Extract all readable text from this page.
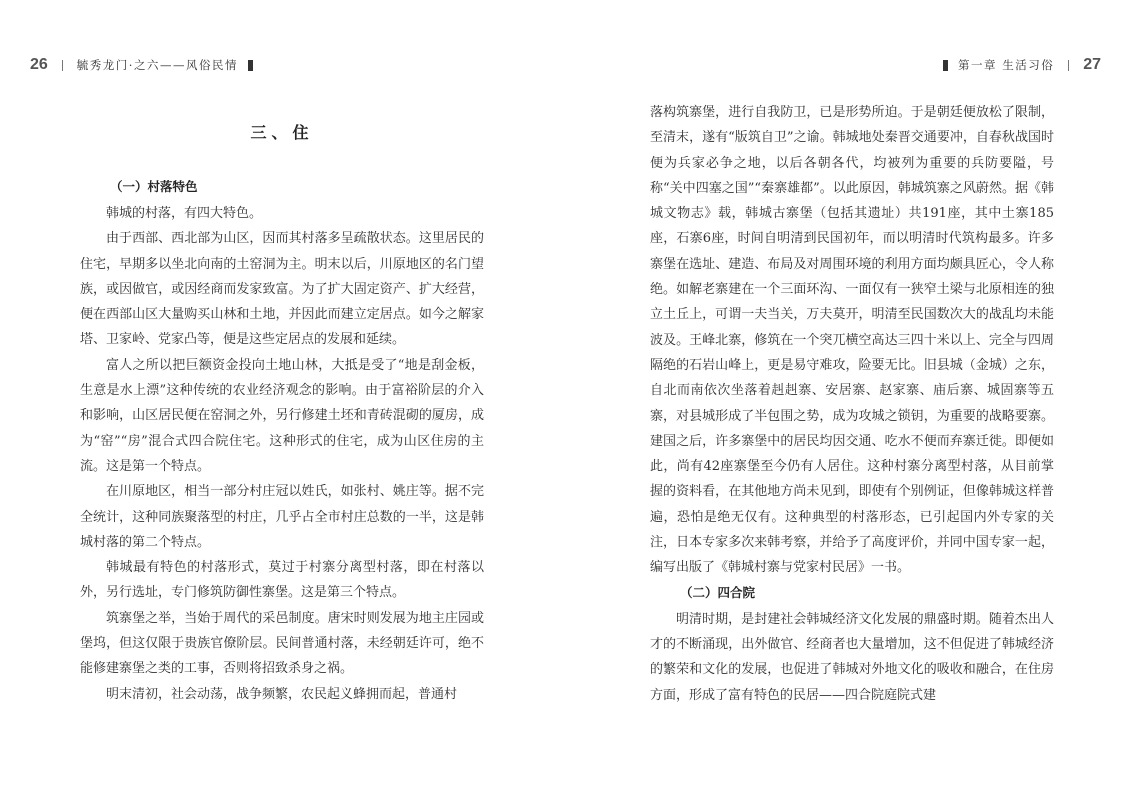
26	毓秀龙门·之六——风俗民情
三、住
（一）村落特色

韩城的村落，有四大特色。

由于西部、西北部为山区，因而其村落多呈疏散状态。这里居民的住宅，早期多以坐北向南的土窑洞为主。明末以后，川原地区的名门望族，或因做官，或因经商而发家致富。为了扩大固定资产、扩大经营，便在西部山区大量购买山林和土地，并因此而建立定居点。如今之解家塔、卫家岭、党家凸等，便是这些定居点的发展和延续。

富人之所以把巨额资金投向土地山林，大抵是受了“地是刮金板，生意是水上漂”这种传统的农业经济观念的影响。由于富裕阶层的介入和影响，山区居民便在窑洞之外，另行修建土坯和青砖混砌的厦房，成为“窑”“房”混合式四合院住宅。这种形式的住宅，成为山区住房的主流。这是第一个特点。

在川原地区，相当一部分村庄冠以姓氏，如张村、姚庄等。据不完全统计，这种同族聚落型的村庄，几乎占全市村庄总数的一半，这是韩城村落的第二个特点。

韩城最有特色的村落形式，莫过于村寨分离型村落，即在村落以外，另行选址，专门修筑防御性寨堡。这是第三个特点。

筑寨堡之举，当始于周代的采邑制度。唐宋时则发展为地主庄园或堡坞，但这仅限于贵族官僚阶层。民间普通村落，未经朝廷许可，绝不能修建寨堡之类的工事，否则将招致杀身之祸。

明末清初，社会动荡，战争频繁，农民起义蜂拥而起，普通村

第一章 生活习俗 27

落构筑寨堡，进行自我防卫，已是形势所迫。于是朝廷便放松了限制，至清末，遂有“版筑自卫”之谕。韩城地处秦晋交通要冲，自春秋战国时便为兵家必争之地，以后各朝各代，均被列为重要的兵防要隘，号称“关中四塞之国”“秦寨雄都”。以此原因，韩城筑寨之风蔚然。据《韩城文物志》载，韩城古寨堡（包括其遗址）共191座，其中土寨185座，石寨6座，时间自明清到民国初年，而以明清时代筑构最多。许多寨堡在选址、建造、布局及对周围环境的利用方面均颇具匠心，令人称绝。如解老寨建在一个三面环沟、一面仅有一狭窄土梁与北原相连的独立土丘上，可谓一夫当关，万夫莫开，明清至民国数次大的战乱均未能波及。王峰北寨，修筑在一个突兀横空高达三四十米以上、完全与四周隔绝的石岩山峰上，更是易守难攻，险要无比。旧县城（金城）之东，自北而南依次坐落着赳赳寨、安居寨、赵家寨、庙后寨、城固寨等五寨，对县城形成了半包围之势，成为攻城之锁钥，为重要的战略要寨。建国之后，许多寨堡中的居民均因交通、吃水不便而弃寨迁徙。即便如此，尚有42座寨堡至今仍有人居住。这种村寨分离型村落，从目前掌握的资料看，在其他地方尚未见到，即使有个别例证，但像韩城这样普遍，恐怕是绝无仅有。这种典型的村落形态，已引起国内外专家的关注，日本专家多次来韩考察，并给予了高度评价，并同中国专家一起，编写出版了《韩城村寨与党家村民居》一书。

（二）四合院

明清时期，是封建社会韩城经济文化发展的鼎盛时期。随着杰出人才的不断涌现，出外做官、经商者也大量增加，这不但促进了韩城经济的繁荣和文化的发展，也促进了韩城对外地文化的吸收和融合，在住房方面，形成了富有特色的民居——四合院庭院式建
